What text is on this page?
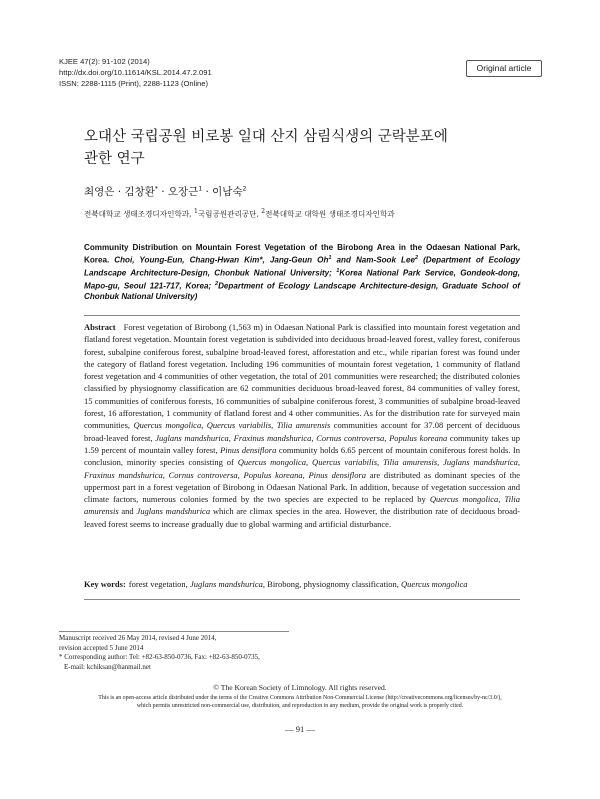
KJEE 47(2): 91-102 (2014)
http://dx.doi.org/10.11614/KSL.2014.47.2.091
ISSN: 2288-1115 (Print), 2288-1123 (Online)
Original article
오대산 국립공원 비로봉 일대 산지 삼림식생의 군락분포에
관한 연구
최영은 · 김창환* · 오장근$^1$ · 이남숙$^2$
전북대학교 생태조경디자인학과, $^1$국립공원관리공단, $^2$전북대학교 대학원 생태조경디자인학과
Community Distribution on Mountain Forest Vegetation of the Birobong Area in the Odaesan National Park, Korea. Choi, Young-Eun, Chang-Hwan Kim*, Jang-Geun Oh$^1$ and Nam-Sook Lee$^2$ (Department of Ecology Landscape Architecture-Design, Chonbuk National University; $^1$Korea National Park Service, Gondeok-dong, Mapo-gu, Seoul 121-717, Korea; $^2$Department of Ecology Landscape Architecture-design, Graduate School of Chonbuk National University)
Abstract Forest vegetation of Birobong (1,563 m) in Odaesan National Park is classified into mountain forest vegetation and flatland forest vegetation. Mountain forest vegetation is subdivided into deciduous broad-leaved forest, valley forest, coniferous forest, subalpine coniferous forest, subalpine broad-leaved forest, afforestation and etc., while riparian forest was found under the category of flatland forest vegetation. Including 196 communities of mountain forest vegetation, 1 community of flatland forest vegetation and 4 communities of other vegetation, the total of 201 communities were researched; the distributed colonies classified by physiognomy classification are 62 communities deciduous broad-leaved forest, 84 communities of valley forest, 15 communities of coniferous forests, 16 communities of subalpine coniferous forest, 3 communities of subalpine broad-leaved forest, 16 afforestation, 1 community of flatland forest and 4 other communities. As for the distribution rate for surveyed main communities, Quercus mongolica, Quercus variabilis, Tilia amurensis communities account for 37.08 percent of deciduous broad-leaved forest, Juglans mandshurica, Fraxinus mandshurica, Cornus controversa, Populus koreana community takes up 1.59 percent of mountain valley forest, Pinus densiflora community holds 6.65 percent of mountain coniferous forest holds. In conclusion, minority species consisting of Quercus mongolica, Quercus variabilis, Tilia amurensis, Juglans mandshurica, Fraxinus mandshurica, Cornus controversa, Populus koreana, Pinus densiflora are distributed as dominant species of the uppermost part in a forest vegetation of Birobong in Odaesan National Park. In addition, because of vegetation succession and climate factors, numerous colonies formed by the two species are expected to be replaced by Quercus mongolica, Tilia amurensis and Juglans mandshurica which are climax species in the area. However, the distribution rate of deciduous broad-leaved forest seems to increase gradually due to global warming and artificial disturbance.
Key words: forest vegetation, Juglans mandshurica, Birobong, physiognomy classification, Quercus mongolica
Manuscript received 26 May 2014, revised 4 June 2014,
revision accepted 5 June 2014
* Corresponding author: Tel: +82-63-850-0736, Fax: +82-63-850-0735,
E-mail: kchiksan@hanmail.net
© The Korean Society of Limnology. All rights reserved.
This is an open-access article distributed under the terms of the Creative Commons Attribution Non-Commercial License (http://creativecommons.org/licenses/by-nc/3.0/),
which permits unrestricted non-commercial use, distribution, and reproduction in any medium, provide the original work is properly cited.
— 91 —
